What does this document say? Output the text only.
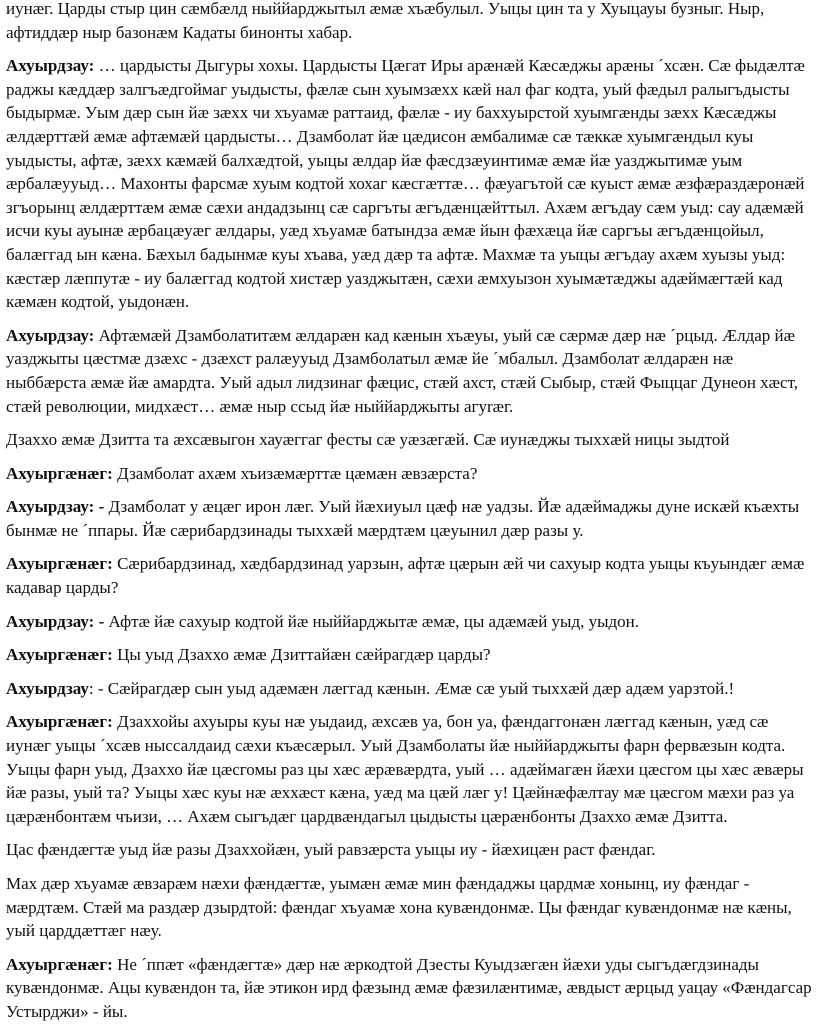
иунæг. Царды стыр цин сæмбæлд ныййарджытыл æмæ хъæбулыл. Уыцы цин та у Хуыцауы бузныг. Ныр, афтиддæр ныр базонæм Кадаты бинонты хабар.

Ахуырдзау: … цардысты Дыгуры хохы. Цардысты Цæгат Иры арæнæй Кæсæджы арæны ´хсæн. Сæ фыдæлтæ раджы кæддæр залгъæдгоймаг уыдысты, фæлæ сын хуымзæхх кæй нал фаг кодта, уый фæдыл ралыгъдысты быдырмæ. Уым дæр сын йæ зæхх чи хъуамæ раттаид, фæлæ - иу баххуырстой хуымгæнды зæхх Кæсæджы æлдæрттæй æмæ афтæмæй цардысты… Дзамболат йæ цæдисон æмбалимæ сæ тæккæ хуымгæндыл куы уыдысты, афтæ, зæхх кæмæй балхæдтой, уыцы æлдар йæ фæсдзæуинтимæ æмæ йæ уазджытимæ уым æрбалæууыд… Махонты фарсмæ хуым кодтой хохаг кæсгæттæ… фæуагътой сæ куыст æмæ æзфæраздæронæй згъорынц æлдæрттæм æмæ сæхи андадзынц сæ саргъты æгъдæнцæйттыл. Ахæм æгъдау сæм уыд: сау адæмæй исчи куы ауынæ æрбацæуæг æлдары, уæд хъуамæ батындза æмæ йын фæхæца йæ саргъы æгъдæнцойыл, балæггад ын кæна. Бæхыл бадынмæ куы хъава, уæд дæр та афтæ. Махмæ та уыцы æгъдау ахæм хуызы уыд: кæстæр лæппутæ - иу балæггад кодтой хистæр уазджытæн, сæхи æмхуызон хуымæтæджы адæймæгтæй кад кæмæн кодтой, уыдонæн.

Ахуырдзау: Афтæмæй Дзамболатитæм æлдарæн кад кæнын хъæуы, уый сæ сæрмæ дæр нæ ´рцыд. Æлдар йæ уазджыты цæстмæ дзæхс - дзæхст ралæууыд Дзамболатыл æмæ йе ´мбалыл. Дзамболат æлдарæн нæ ныббæрста æмæ йæ амардта. Уый адыл лидзинаг фæцис, стæй ахст, стæй Сыбыр, стæй Фыццаг Дунеон хæст, стæй революции, мидхæст… æмæ ныр ссыд йæ ныййарджыты агуræг.

Дзаххо æмæ Дзитта та æхсæвыгон хауæггаг фесты сæ уæзæгæй. Сæ иунæджы тыххæй ницы зыдтой

Ахуыргæнæг: Дзамболат ахæм хъизæмæрттæ цæмæн æвзæрста?

Ахуырдзау: - Дзамболат у æцæг ирон лæг. Уый йæхиуыл цæф нæ уадзы. Йæ адæймаджы дуне искæй къæхты бынмæ не ´ппары. Йæ сæрибардзинады тыххæй мæрдтæм цæуынил дæр разы у.

Ахуыргæнæг: Сæрибардзинад, хæдбардзинад уарзын, афтæ цæрын æй чи сахуыр кодта уыцы къуындæг æмæ кадавар царды?

Ахуырдзау: - Афтæ йæ сахуыр кодтой йæ ныййарджытæ æмæ, цы адæмæй уыд, уыдон.

Ахуыргæнæг: Цы уыд Дзаххо æмæ Дзиттайæн сæйрагдæр царды?

Ахуырдзау: - Сæйрагдæр сын уыд адæмæн лæггад кæнын. Æмæ сæ уый тыххæй дæр адæм уарзтой.!

Ахуыргæнæг: Дзаххойы ахуыры куы нæ уыдаид, æхсæв уа, бон уа, фæндаггонæн лæггад кæнын, уæд сæ иунæг уыцы ´хсæв ныссалдаид сæхи къæсæрыл. Уый Дзамболаты йæ ныййарджыты фарн фервæзын кодта. Уыцы фарн уыд, Дзаххо йæ цæсгомы раз цы хæс æрæвæрдта, уый … адæймагæн йæхи цæсгом цы хæс æвæры йæ разы, уый та? Уыцы хæс куы нæ æххæст кæна, уæд ма цæй лæг у! Цæйнæфæлтау мæ цæсгом мæхи раз уа цæрæнбонтæм чъизи, … Ахæм сыгъдæг цардвæндагыл цыдысты цæрæнбонты Дзаххо æмæ Дзитта.

Цас фæндæгтæ уыд йæ разы Дзаххойæн, уый равзæрста уыцы иу - йæхицæн раст фæндаг.

Мах дæр хъуамæ æвзарæм нæхи фæндæгтæ, уымæн æмæ мин фæндаджы цардмæ хонынц, иу фæндаг - мæрдтæм. Стæй ма раздæр дзырдтой: фæндаг хъуамæ хона кувæндонмæ. Цы фæндаг кувæндонмæ нæ кæны, уый царддæттæг нæу.

Ахуыргæнæг: Не ´ппæт «фæндæгтæ» дæр нæ æркодтой Дзесты Куыдзæгæн йæхи уды сыгъдæгдзинады кувæндонмæ. Ацы кувæндон та, йæ этикон ирд фæзынд æмæ фæзилæнтимæ, æвдыст æрцыд уацау «Фæндагсар Устырджи» - йы.
